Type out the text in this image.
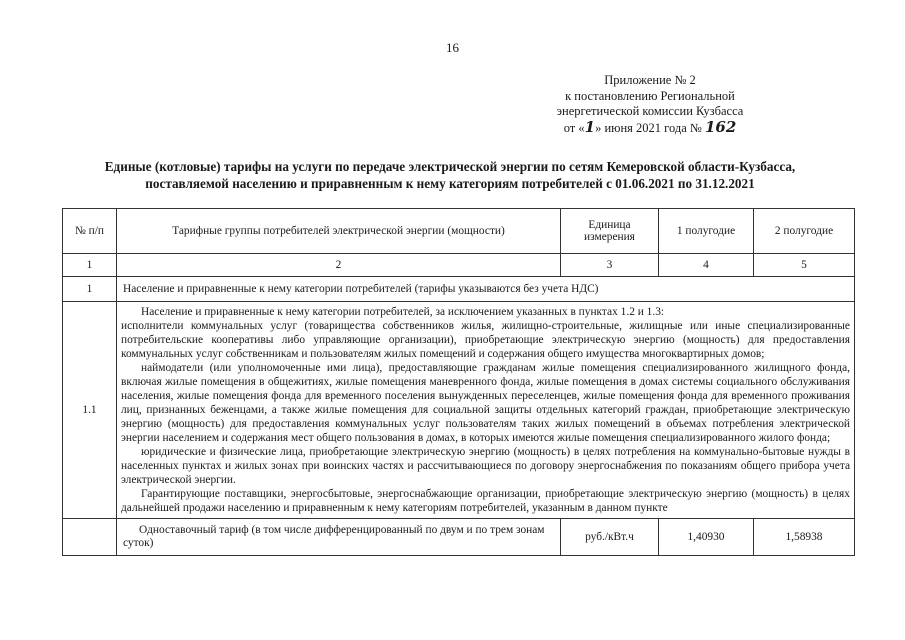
16
Приложение № 2
к постановлению Региональной
энергетической комиссии Кузбасса
от «1» июня 2021 года № 162
Единые (котловые) тарифы на услуги по передаче электрической энергии по сетям Кемеровской области-Кузбасса, поставляемой населению и приравненным к нему категориям потребителей с 01.06.2021 по 31.12.2021
№ п/п	Тарифные группы потребителей электрической энергии (мощности)	Единица измерения	1 полугодие	2 полугодие
1	2	3	4	5
1	Население и приравненные к нему категории потребителей (тарифы указываются без учета НДС)			
1.1	Население и приравненные к нему категории потребителей, за исключением указанных в пунктах 1.2 и 1.3:

исполнители коммунальных услуг (товарищества собственников жилья, жилищно-строительные, жилищные или иные специализированные потребительские кооперативы либо управляющие организации), приобретающие электрическую энергию (мощность) для предоставления коммунальных услуг собственникам и пользователям жилых помещений и содержания общего имущества многоквартирных домов;

наймодатели (или уполномоченные ими лица), предоставляющие гражданам жилые помещения специализированного жилищного фонда, включая жилые помещения в общежитиях, жилые помещения маневренного фонда, жилые помещения в домах системы социального обслуживания населения, жилые помещения фонда для временного поселения вынужденных переселенцев, жилые помещения фонда для временного проживания лиц, признанных беженцами, а также жилые помещения для социальной защиты отдельных категорий граждан, приобретающие электрическую энергию (мощность) для предоставления коммунальных услуг пользователям таких жилых помещений в объемах потребления электрической энергии населением и содержания мест общего пользования в домах, в которых имеются жилые помещения специализированного жилого фонда;

юридические и физические лица, приобретающие электрическую энергию (мощность) в целях потребления на коммунально-бытовые нужды в населенных пунктах и жилых зонах при воинских частях и рассчитывающиеся по договору энергоснабжения по показаниям общего прибора учета электрической энергии.

Гарантирующие поставщики, энергосбытовые, энергоснабжающие организации, приобретающие электрическую энергию (мощность) в целях дальнейшей продажи населению и приравненным к нему категориям потребителей, указанным в данном пункте			

	Одноставочный тариф (в том числе дифференцированный по двум и по трем зонам суток)	руб./кВт.ч	1,40930	1,58938
